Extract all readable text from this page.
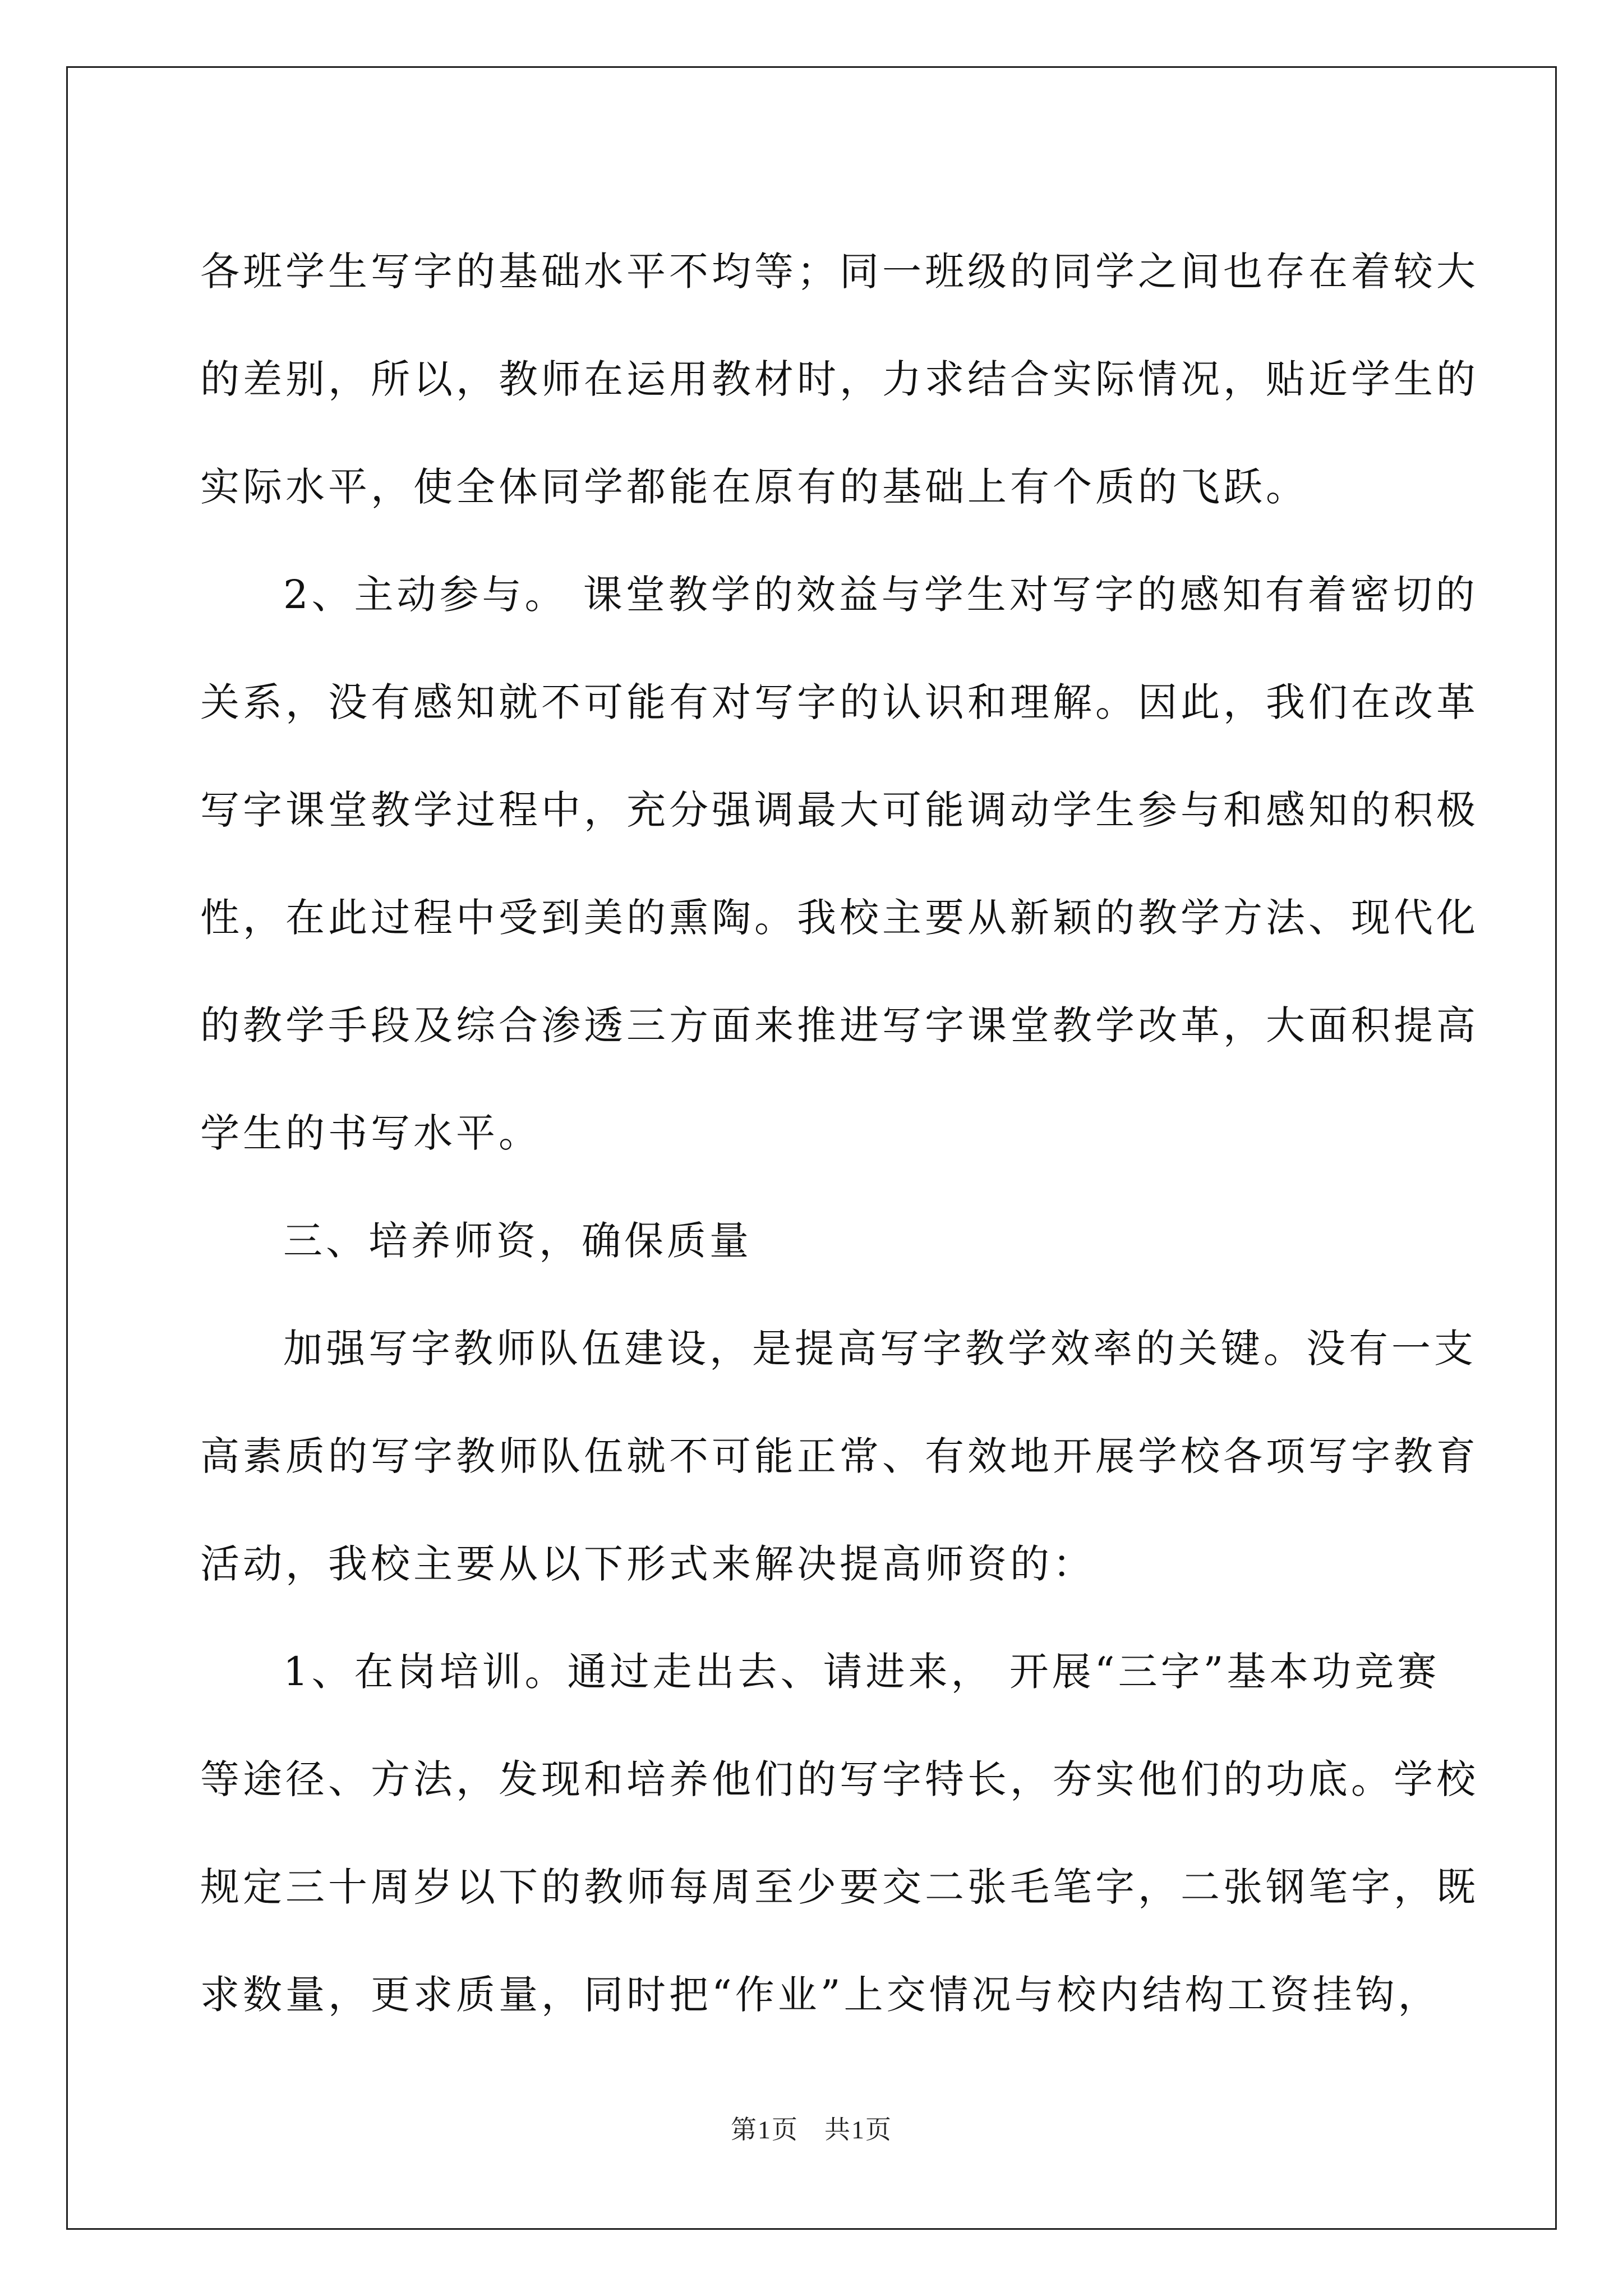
各班学生写字的基础水平不均等；同一班级的同学之间也存在着较大

的差别，所以，教师在运用教材时，力求结合实际情况，贴近学生的

实际水平，使全体同学都能在原有的基础上有个质的飞跃。

2、主动参与。 课堂教学的效益与学生对写字的感知有着密切的

关系，没有感知就不可能有对写字的认识和理解。因此，我们在改革

写字课堂教学过程中，充分强调最大可能调动学生参与和感知的积极

性，在此过程中受到美的熏陶。我校主要从新颖的教学方法、现代化

的教学手段及综合渗透三方面来推进写字课堂教学改革，大面积提高

学生的书写水平。

三、培养师资，确保质量

加强写字教师队伍建设，是提高写字教学效率的关键。没有一支

高素质的写字教师队伍就不可能正常、有效地开展学校各项写字教育

活动，我校主要从以下形式来解决提高师资的：

1、在岗培训。通过走出去、请进来， 开展“三字”基本功竞赛

等途径、方法，发现和培养他们的写字特长，夯实他们的功底。学校

规定三十周岁以下的教师每周至少要交二张毛笔字，二张钢笔字，既

求数量，更求质量，同时把“作业”上交情况与校内结构工资挂钩，

第1页 共1页
